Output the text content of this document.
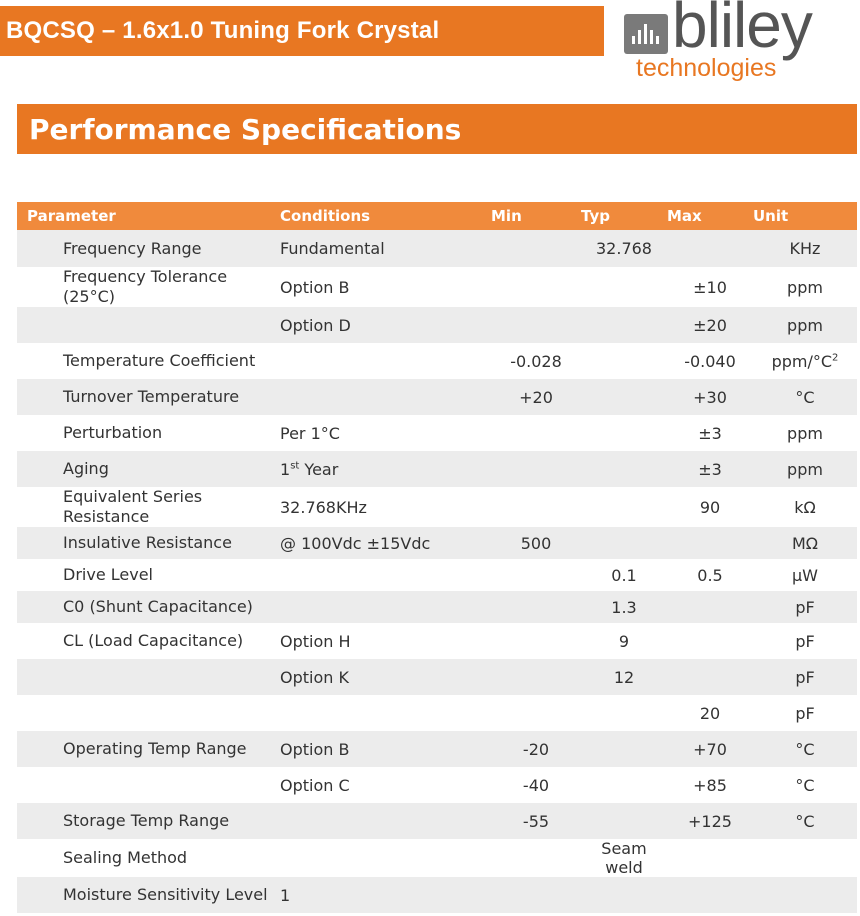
BQCSQ – 1.6x1.0 Tuning Fork Crystal	bliley
technologies
Performance Specifications
Parameter	Conditions	Min	Typ	Max	Unit
Frequency Range	Fundamental		32.768		KHz
Frequency Tolerance (25°C)	Option B			±10	ppm
	Option D			±20	ppm
Temperature Coefficient		-0.028		-0.040	ppm/$^\circ C^2$
Turnover Temperature		+20		+30	°C
Perturbation	Per 1°C			±3	ppm
Aging	1st Year			±3	ppm
Equivalent Series Resistance	32.768KHz			90	kΩ
Insulative Resistance	@ 100Vdc ±15Vdc	500			MΩ
Drive Level			0.1	0.5	µW
C0 (Shunt Capacitance)			1.3		pF
CL (Load Capacitance)	Option H		9		pF
	Option K		12		pF
				20	pF
Operating Temp Range	Option B	-20		+70	°C
	Option C	-40		+85	°C
Storage Temp Range		-55		+125	°C
Sealing Method			Seam weld		
Moisture Sensitivity Level	1				
